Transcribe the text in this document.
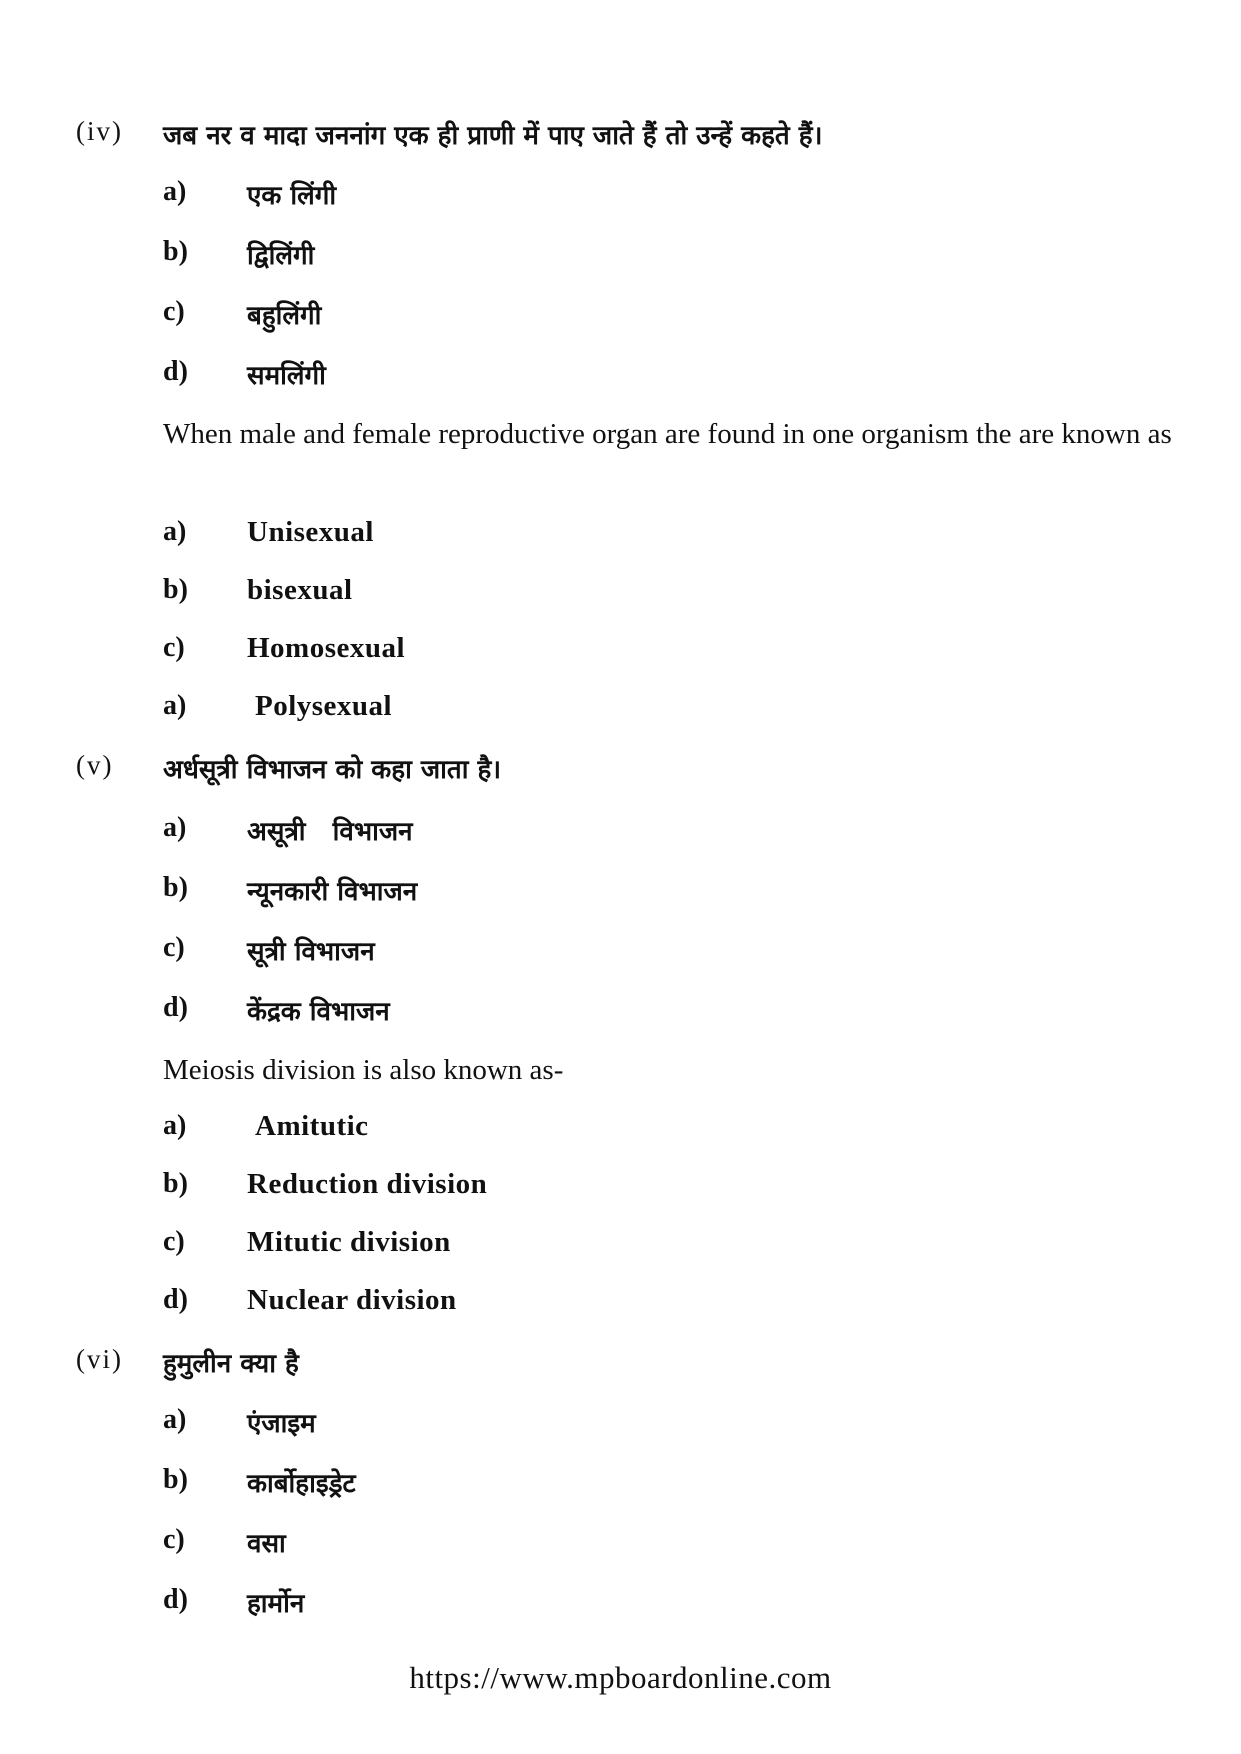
(iv) जब नर व मादा जननांग एक ही प्राणी में पाए जाते हैं तो उन्हें कहते हैं।
a) एक लिंगी
b) द्विलिंगी
c) बहुलिंगी
d) समलिंगी
When male and female reproductive organ are found in one organism the are known as
a) Unisexual
b) bisexual
c) Homosexual
a) Polysexual
(v) अर्धसूत्री विभाजन को कहा जाता है।
a) असूत्री   विभाजन
b) न्यूनकारी विभाजन
c) सूत्री विभाजन
d) केंद्रक विभाजन
Meiosis division is also known as-
a) Amitutic
b) Reduction division
c) Mitutic division
d) Nuclear division
(vi) हुमुलीन क्या है
a) एंजाइम
b) कार्बोहाइड्रेट
c) वसा
d) हार्मोन
https://www.mpboardonline.com
